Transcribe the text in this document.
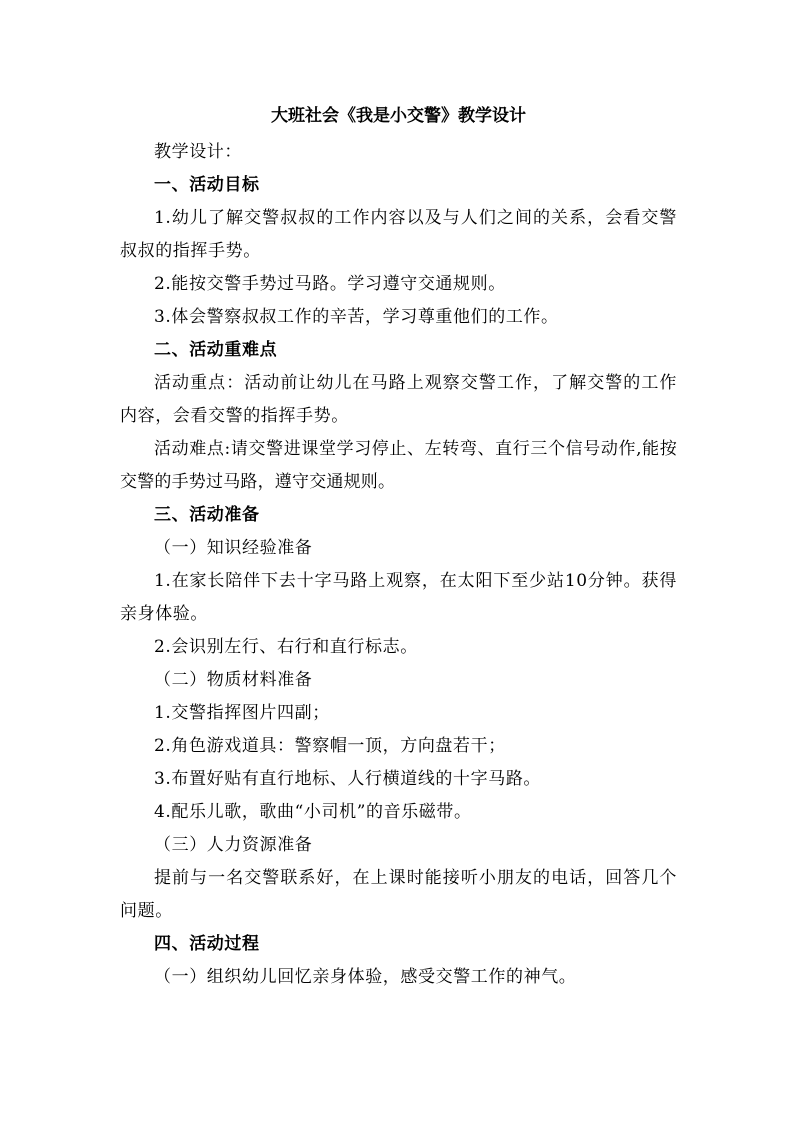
大班社会《我是小交警》教学设计

教学设计：

一、活动目标

1.幼儿了解交警叔叔的工作内容以及与人们之间的关系，会看交警叔叔的指挥手势。

2.能按交警手势过马路。学习遵守交通规则。

3.体会警察叔叔工作的辛苦，学习尊重他们的工作。

二、活动重难点

活动重点：活动前让幼儿在马路上观察交警工作，了解交警的工作内容，会看交警的指挥手势。

活动难点:请交警进课堂学习停止、左转弯、直行三个信号动作,能按交警的手势过马路，遵守交通规则。

三、活动准备

（一）知识经验准备

1.在家长陪伴下去十字马路上观察，在太阳下至少站10分钟。获得亲身体验。

2.会识别左行、右行和直行标志。

（二）物质材料准备

1.交警指挥图片四副；

2.角色游戏道具：警察帽一顶，方向盘若干；

3.布置好贴有直行地标、人行横道线的十字马路。

4.配乐儿歌，歌曲“小司机”的音乐磁带。

（三）人力资源准备

提前与一名交警联系好，在上课时能接听小朋友的电话，回答几个问题。

四、活动过程

（一）组织幼儿回忆亲身体验，感受交警工作的神气。
